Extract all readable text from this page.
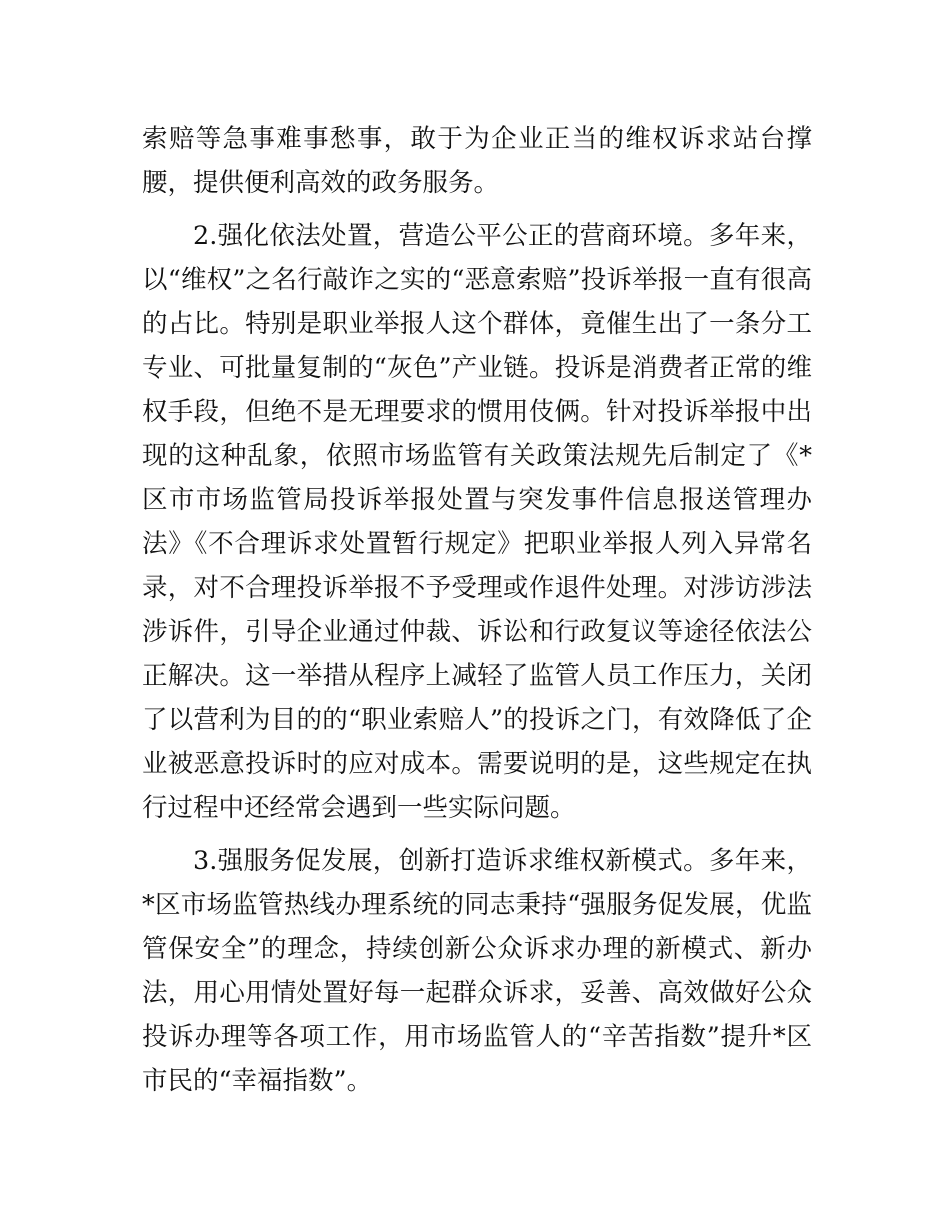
索赔等急事难事愁事，敢于为企业正当的维权诉求站台撑腰，提供便利高效的政务服务。

2.强化依法处置，营造公平公正的营商环境。多年来，以“维权”之名行敲诈之实的“恶意索赔”投诉举报一直有很高的占比。特别是职业举报人这个群体，竟催生出了一条分工专业、可批量复制的“灰色”产业链。投诉是消费者正常的维权手段，但绝不是无理要求的惯用伎俩。针对投诉举报中出现的这种乱象，依照市场监管有关政策法规先后制定了《*区市市场监管局投诉举报处置与突发事件信息报送管理办法》《不合理诉求处置暂行规定》把职业举报人列入异常名录，对不合理投诉举报不予受理或作退件处理。对涉访涉法涉诉件，引导企业通过仲裁、诉讼和行政复议等途径依法公正解决。这一举措从程序上减轻了监管人员工作压力，关闭了以营利为目的的“职业索赔人”的投诉之门，有效降低了企业被恶意投诉时的应对成本。需要说明的是，这些规定在执行过程中还经常会遇到一些实际问题。

3.强服务促发展，创新打造诉求维权新模式。多年来，*区市场监管热线办理系统的同志秉持“强服务促发展，优监管保安全”的理念，持续创新公众诉求办理的新模式、新办法，用心用情处置好每一起群众诉求，妥善、高效做好公众投诉办理等各项工作，用市场监管人的“辛苦指数”提升*区市民的“幸福指数”。
